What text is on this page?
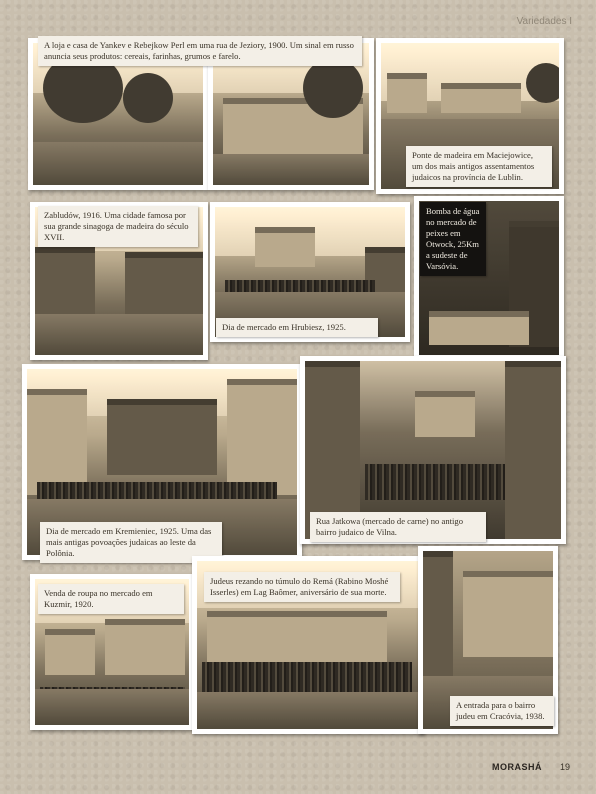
Variedades I
A loja e casa de Yankev e Rebejkow Perl em uma rua de Jeziory, 1900. Um sinal em russo anuncia seus produtos: cereais, farinhas, grumos e farelo.
Ponte de madeira em Maciejowice, um dos mais antigos assentamentos judaicos na província de Lublin.
Zabludów, 1916. Uma cidade famosa por sua grande sinagoga de madeira do século XVII.
Dia de mercado em Hrubiesz, 1925.
Bomba de água no mercado de peixes em Otwock, 25Km a sudeste de Varsóvia.
Dia de mercado em Kremieniec, 1925. Uma das mais antigas povoações judaicas ao leste da Polônia.
Rua Jatkowa (mercado de carne) no antigo bairro judaico de Vilna.
Venda de roupa no mercado em Kuzmir, 1920.
Judeus rezando no túmulo do Remá (Rabino Moshé Isserles) em Lag Baômer, aniversário de sua morte.
A entrada para o bairro judeu em Cracóvia, 1938.
MORASHÁ 19
